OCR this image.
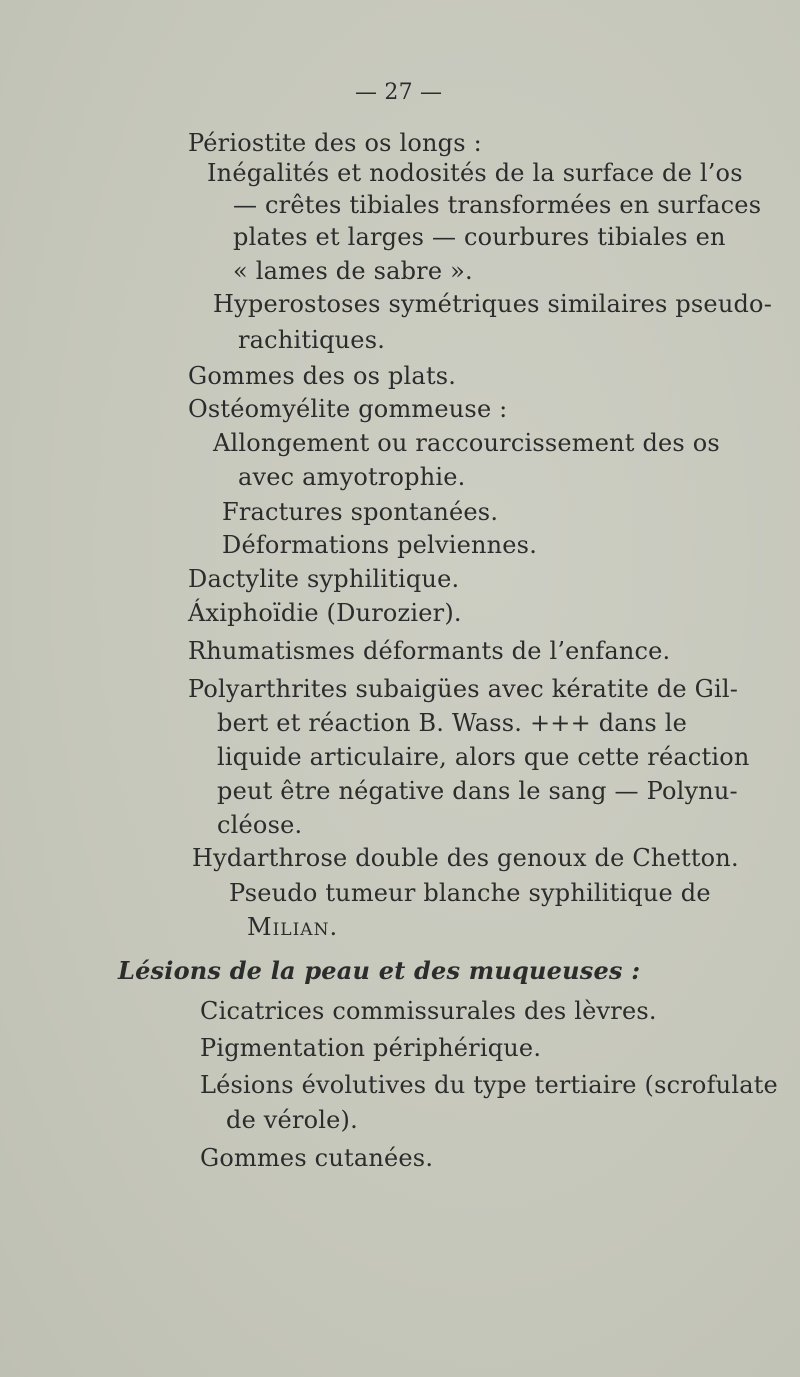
— 27 —
Périostite des os longs :
Inégalités et nodosités de la surface de l’os
— crêtes tibiales transformées en surfaces
plates et larges — courbures tibiales en
« lames de sabre ».
Hyperostoses symétriques similaires pseudo-
rachitiques.
Gommes des os plats.
Ostéomyélite gommeuse :
Allongement ou raccourcissement des os
avec amyotrophie.
Fractures spontanées.
Déformations pelviennes.
Dactylite syphilitique.
Áxiphoïdie (Durozier).
Rhumatismes déformants de l’enfance.
Polyarthrites subaigües avec kératite de Gil-
bert et réaction B. Wass. +++ dans le
liquide articulaire, alors que cette réaction
peut être négative dans le sang — Polynu-
cléose.
Hydarthrose double des genoux de Chetton.
Pseudo tumeur blanche syphilitique de
Milian.
Lésions de la peau et des muqueuses :
Cicatrices commissurales des lèvres.
Pigmentation périphérique.
Lésions évolutives du type tertiaire (scrofulate
de vérole).
Gommes cutanées.
